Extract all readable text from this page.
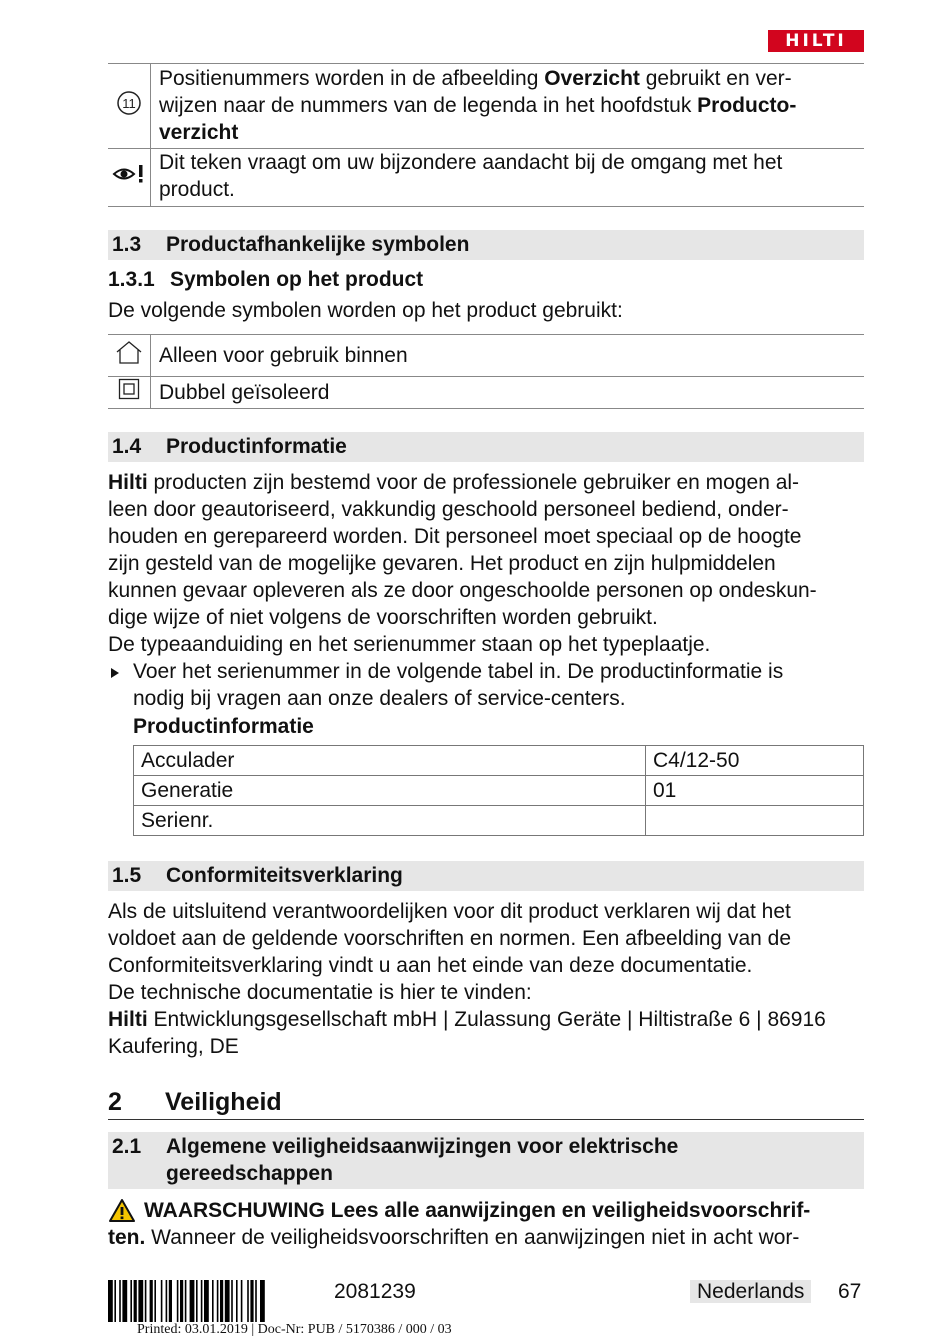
HILTI
11	Positienummers worden in de afbeelding Overzicht gebruikt en ver-
wijzen naar de nummers van de legenda in het hoofdstuk Producto-
verzicht
	Dit teken vraagt om uw bijzondere aandacht bij de omgang met het
product.
1.3 Productafhankelijke symbolen
1.3.1 Symbolen op het product
De volgende symbolen worden op het product gebruikt:
	Alleen voor gebruik binnen
	Dubbel geïsoleerd
1.4 Productinformatie
Hilti producten zijn bestemd voor de professionele gebruiker en mogen al-
leen door geautoriseerd, vakkundig geschoold personeel bediend, onder-
houden en gerepareerd worden. Dit personeel moet speciaal op de hoogte
zijn gesteld van de mogelijke gevaren. Het product en zijn hulpmiddelen
kunnen gevaar opleveren als ze door ongeschoolde personen op ondeskun-
dige wijze of niet volgens de voorschriften worden gebruikt.
De typeaanduiding en het serienummer staan op het typeplaatje.
Voer het serienummer in de volgende tabel in. De productinformatie is
nodig bij vragen aan onze dealers of service-centers.
Productinformatie
Acculader	C4/12-50
Generatie	01
Serienr.	
1.5 Conformiteitsverklaring
Als de uitsluitend verantwoordelijken voor dit product verklaren wij dat het
voldoet aan de geldende voorschriften en normen. Een afbeelding van de
Conformiteitsverklaring vindt u aan het einde van deze documentatie.
De technische documentatie is hier te vinden:
Hilti Entwicklungsgesellschaft mbH | Zulassung Geräte | Hiltistraße 6 | 86916
Kaufering, DE
2 Veiligheid
2.1 Algemene veiligheidsaanwijzingen voor elektrische
gereedschappen
WAARSCHUWING Lees alle aanwijzingen en veiligheidsvoorschrif-
ten. Wanneer de veiligheidsvoorschriften en aanwijzingen niet in acht wor-
2081239	Nederlands	67
Printed: 03.01.2019 | Doc-Nr: PUB / 5170386 / 000 / 03
